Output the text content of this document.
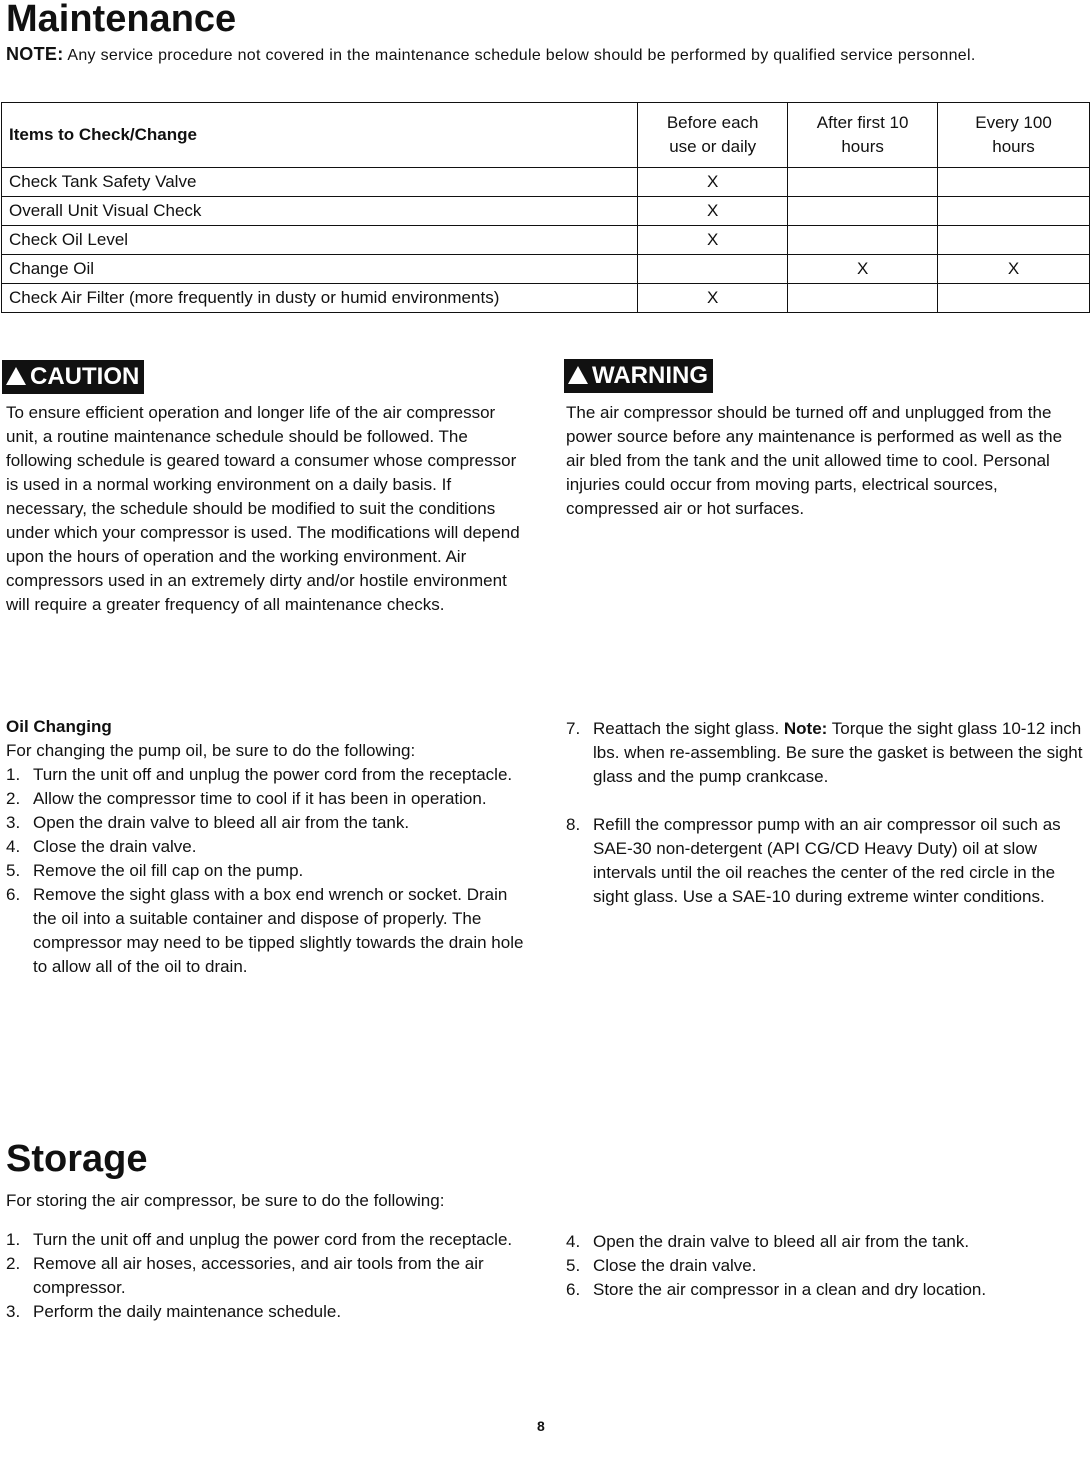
Maintenance
NOTE: Any service procedure not covered in the maintenance schedule below should be performed by qualified service personnel.
Items to Check/Change	Before each use or daily	After first 10 hours	Every 100 hours

Check Tank Safety Valve	X		
Overall Unit Visual Check	X		
Check Oil Level	X		
Change Oil		X	X
Check Air Filter (more frequently in dusty or humid environments)	X		
CAUTION
To ensure efficient operation and longer life of the air compressor unit, a routine maintenance schedule should be followed. The following schedule is geared toward a consumer whose compressor is used in a normal working environment on a daily basis. If necessary, the schedule should be modified to suit the conditions under which your compressor is used. The modifications will depend upon the hours of operation and the working environment. Air compressors used in an extremely dirty and/or hostile environment will require a greater frequency of all maintenance checks.
WARNING
The air compressor should be turned off and unplugged from the power source before any maintenance is performed as well as the air bled from the tank and the unit allowed time to cool. Personal injuries could occur from moving parts, electrical sources, compressed air or hot surfaces.

Oil Changing

For changing the pump oil, be sure to do the following:

1. Turn the unit off and unplug the power cord from the receptacle.
2. Allow the compressor time to cool if it has been in operation.
3. Open the drain valve to bleed all air from the tank.
4. Close the drain valve.
5. Remove the oil fill cap on the pump.
6. Remove the sight glass with a box end wrench or socket. Drain the oil into a suitable container and dispose of properly. The compressor may need to be tipped slightly towards the drain hole to allow all of the oil to drain.
7. Reattach the sight glass. Note: Torque the sight glass 10-12 inch lbs. when re-assembling. Be sure the gasket is between the sight glass and the pump crankcase.
8. Refill the compressor pump with an air compressor oil such as SAE-30 non-detergent (API CG/CD Heavy Duty) oil at slow intervals until the oil reaches the center of the red circle in the sight glass. Use a SAE-10 during extreme winter conditions.
Storage
For storing the air compressor, be sure to do the following:
1. Turn the unit off and unplug the power cord from the receptacle.
2. Remove all air hoses, accessories, and air tools from the air compressor.
3. Perform the daily maintenance schedule.
4. Open the drain valve to bleed all air from the tank.
5. Close the drain valve.
6. Store the air compressor in a clean and dry location.
8
